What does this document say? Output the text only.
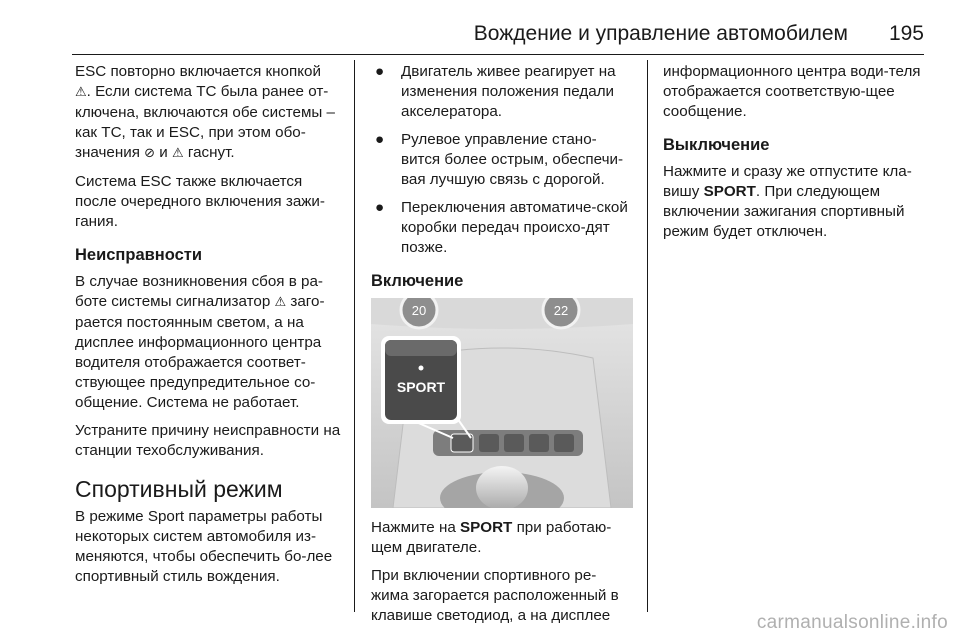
Вождение и управление автомобилем 195

ESC повторно включается кнопкой ⚠. Если система TC была ранее от-ключена, включаются обе системы – как TC, так и ESC, при этом обо-значения ⊘ и ⚠ гаснут.

Система ESC также включается после очередного включения зажи-гания.

Неисправности

В случае возникновения сбоя в ра-боте системы сигнализатор ⚠ заго-рается постоянным светом, а на дисплее информационного центра водителя отображается соответ-ствующее предупредительное со-общение. Система не работает.

Устраните причину неисправности на станции техобслуживания.

Спортивный режим

В режиме Sport параметры работы некоторых систем автомобиля из-меняются, чтобы обеспечить бо-лее спортивный стиль вождения.

● Двигатель живее реагирует на изменения положения педали акселератора.
● Рулевое управление стано-вится более острым, обеспечи-вая лучшую связь с дорогой.
● Переключения автоматиче-ской коробки передач происхо-дят позже.
Включение
20	22
SPORT

Нажмите на SPORT при работаю-щем двигателе.

При включении спортивного ре-жима загорается расположенный в клавише светодиод, а на дисплее

информационного центра води-теля отображается соответствую-щее сообщение.

Выключение

Нажмите и сразу же отпустите кла-вишу SPORT. При следующем включении зажигания спортивный режим будет отключен.

carmanualsonline.info
